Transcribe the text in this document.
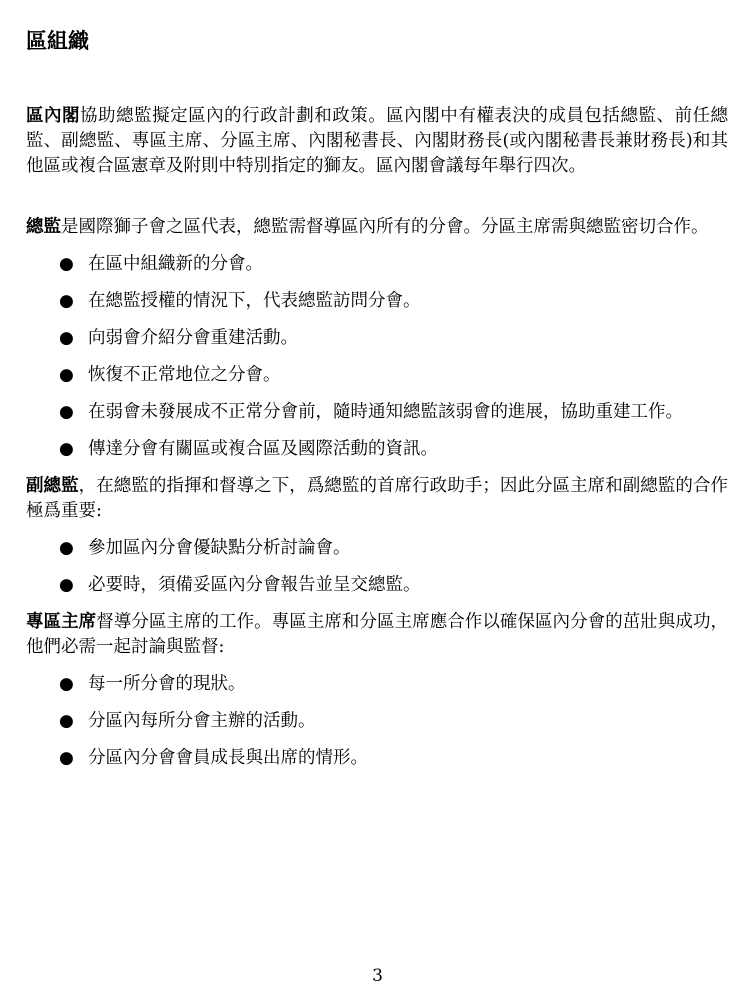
區組織

區內閣協助總監擬定區內的行政計劃和政策。區內閣中有權表決的成員包括總監、前任總監、副總監、專區主席、分區主席、內閣秘書長、內閣財務長(或內閣秘書長兼財務長)和其他區或複合區憲章及附則中特別指定的獅友。區內閣會議每年舉行四次。

總監是國際獅子會之區代表，總監需督導區內所有的分會。分區主席需與總監密切合作。

● 在區中組織新的分會。
● 在總監授權的情況下，代表總監訪問分會。
● 向弱會介紹分會重建活動。
● 恢復不正常地位之分會。
● 在弱會未發展成不正常分會前，隨時通知總監該弱會的進展，協助重建工作。
● 傳達分會有關區或複合區及國際活動的資訊。

副總監，在總監的指揮和督導之下，爲總監的首席行政助手；因此分區主席和副總監的合作極爲重要:

● 參加區內分會優缺點分析討論會。
● 必要時，須備妥區內分會報告並呈交總監。

專區主席督導分區主席的工作。專區主席和分區主席應合作以確保區內分會的茁壯與成功，他們必需一起討論與監督:

● 每一所分會的現狀。
● 分區內每所分會主辦的活動。
● 分區內分會會員成長與出席的情形。
3
